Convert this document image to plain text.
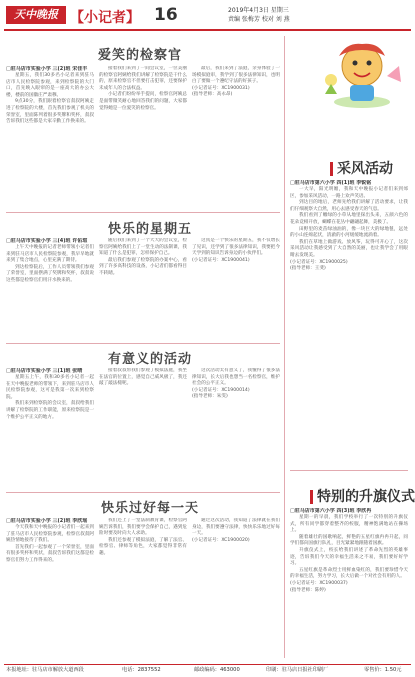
天中晚报 【小记者】 16	2019年4月3日 星期三
责编 张梅芳 校对 刘 燕
爱笑的检察官
□驻马店市实验小学 三(2)班 宋佳丰

星期五，我们30多名小记者来到驻马店市人民检察院参观，来到检察院的大门口，首先映入眼帘的是一座高大的办公大楼，楼前的国徽庄严肃穆。

9点30分，我们跟着检察官叔叔阿姨走进了检察院的大楼，首先我们参观了机关的荣誉室，里面陈列着很多奖牌和奖杯，叔叔告诉我们这些都是大家辛勤工作换来的。

接着我们来到了一间会议室，一位美丽的检察官阿姨给我们讲解了检察院是干什么的，原来检察官不但要打击犯罪，还要保护未成年人的合法权益。

小记者们纷纷举手提问，检察官阿姨总是面带微笑耐心地回答我们的问题，大家都觉得她是一位爱笑的检察官。

最后，我们来到了法庭，亲身体验了一场模拟庭审，我学到了很多法律知识，也明白了要做一个遵纪守法的好孩子。

(小记者证号：XC1900031)
(指导老师：高永昂)
快乐的星期五
□驻马店市实验小学 三(4)班 许佑瑄

上午天中晚报的记者老师带领小记者们来到驻马店市人民检察院参观，我早早地就来到了集合地点，心里充满了期待。

到达检察院后，工作人员带领我们参观了荣誉室，里面摆满了奖牌和奖杯，叔叔说这些都是检察官们用汗水换来的。

随后我们来到了一个大大的会议室，检察官阿姨给我们上了一堂生动的法制课，我知道了什么是犯罪，怎样保护自己。

最后我们参观了检察院的办案中心，看到了许多高科技的设备，小记者们都看得目不转睛。

这真是一个快乐的星期五，我不仅增长了见识，还学到了很多法律知识，我要把今天学到的知识告诉身边的小伙伴们。

(小记者证号：XC1900041)
有意义的活动
□驻马店市实验小学 三(1)班 张晴

星期五上午，我和30多名小记者一起在天中晚报老师的带领下，来到驻马店市人民检察院参观，这可是我第一次来到检察院。

我们来到检察院的会议室，叔叔给我们讲解了检察院的工作职能，原来检察院是一个维护公平正义的地方。

接着叔叔带我们参观了模拟法庭，我坐在法官的位置上，感觉自己威风极了，我还敲了敲法槌呢。

这次活动太有意义了，我懂得了很多法律知识，长大后我也想当一名检察官，维护社会的公平正义。

(小记者证号：XC1900014)
(指导老师：朱雯)
快乐过好每一天
□驻马店市实验小学 三(2)班 李欣瑶

今天我和天中晚报的小记者们一起来到了驻马店市人民检察院参观，检察官叔叔阿姨热情地接待了我们。

首先我们一起参观了一个荣誉室，里面有很多奖杯和奖状，叔叔告诉我们这都是检察官们努力工作得来的。

我们还上了一堂法制教育课，检察官阿姨告诉我们，我们要学会保护自己，遇到危险时要及时向大人求助。

我们还参观了模拟法庭，了解了法官、检察官、律师等角色，大家都觉得非常有趣。

通过这次活动，我知道了法律就在我们身边，我们要遵守法律，快快乐乐地过好每一天。

(小记者证号：XC1900020)
采风活动
□驻马店市第六小学 四(1)班 李锐铭

一大早，阳光明媚，我和天中晚报小记者们来到郊区，参加采风活动，一路上欢声笑语。

到达目的地后，老师先给我们讲解了活动要求，让我们仔细观察大自然，用心去感受春天的气息。

我们看到了嫩绿的小草从地里探出头来，五颜六色的花朵竞相开放，蝴蝶在花丛中翩翩起舞，美极了。

田野里的麦苗绿油油的，像一块巨大的绿地毯，远处的小山连绵起伏，清澈的小河缓缓地流淌着。

我们在草地上做游戏、放风筝，玩得可开心了，这次采风活动让我感受到了大自然的美丽，也让我学会了用眼睛去发现美。

(小记者证号：XC1900025)
(指导老师：王斐)
特别的升旗仪式
□驻马店市第六小学 四(3)班 李欣冉

星期一的早晨，我们学校举行了一次特别的升旗仪式，所有同学都穿着整齐的校服，精神饱满地站在操场上。

随着雄壮的国歌响起，鲜艳的五星红旗冉冉升起，同学们都向国旗行队礼，目光紧紧地跟随着国旗。

升旗仪式上，校长给我们讲述了革命先烈的英雄事迹，告诉我们今天的幸福生活来之不易，我们要好好学习。

五星红旗是革命烈士用鲜血染红的，我们要珍惜今天的幸福生活，努力学习，长大后做一个对社会有用的人。

(小记者证号：XC1900037)
(指导老师：陈婷)
本报地址：驻马店市解放大道西段	电话：2837552	邮政编码：463000	印刷：驻马店日报社印刷厂	零售价：1.50元
